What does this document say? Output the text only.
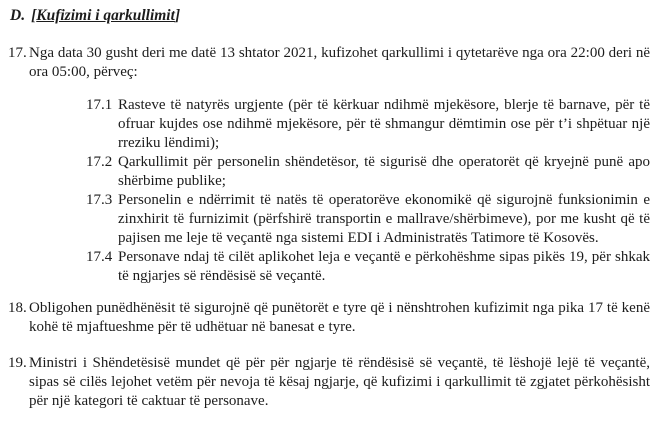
D. [Kufizimi i qarkullimit]

17. Nga data 30 gusht deri me datë 13 shtator 2021, kufizohet qarkullimi i qytetarëve nga ora 22:00 deri në ora 05:00, përveç:

17.1 Rasteve të natyrës urgjente (për të kërkuar ndihmë mjekësore, blerje të barnave, për të ofruar kujdes ose ndihmë mjekësore, për të shmangur dëmtimin ose për t’i shpëtuar një rreziku lëndimi);

17.2 Qarkullimit për personelin shëndetësor, të sigurisë dhe operatorët që kryejnë punë apo shërbime publike;

17.3 Personelin e ndërrimit të natës të operatorëve ekonomikë që sigurojnë funksionimin e zinxhirit të furnizimit (përfshirë transportin e mallrave/shërbimeve), por me kusht që të pajisen me leje të veçantë nga sistemi EDI i Administratës Tatimore të Kosovës.

17.4 Personave ndaj të cilët aplikohet leja e veçantë e përkohëshme sipas pikës 19, për shkak të ngjarjes së rëndësisë së veçantë.

18. Obligohen punëdhënësit të sigurojnë që punëtorët e tyre që i nënshtrohen kufizimit nga pika 17 të kenë kohë të mjaftueshme për të udhëtuar në banesat e tyre.

19. Ministri i Shëndetësisë mundet që për për ngjarje të rëndësisë së veçantë, të lëshojë lejë të veçantë, sipas së cilës lejohet vetëm për nevoja të kësaj ngjarje, që kufizimi i qarkullimit të zgjatet përkohësisht për një kategori të caktuar të personave.
